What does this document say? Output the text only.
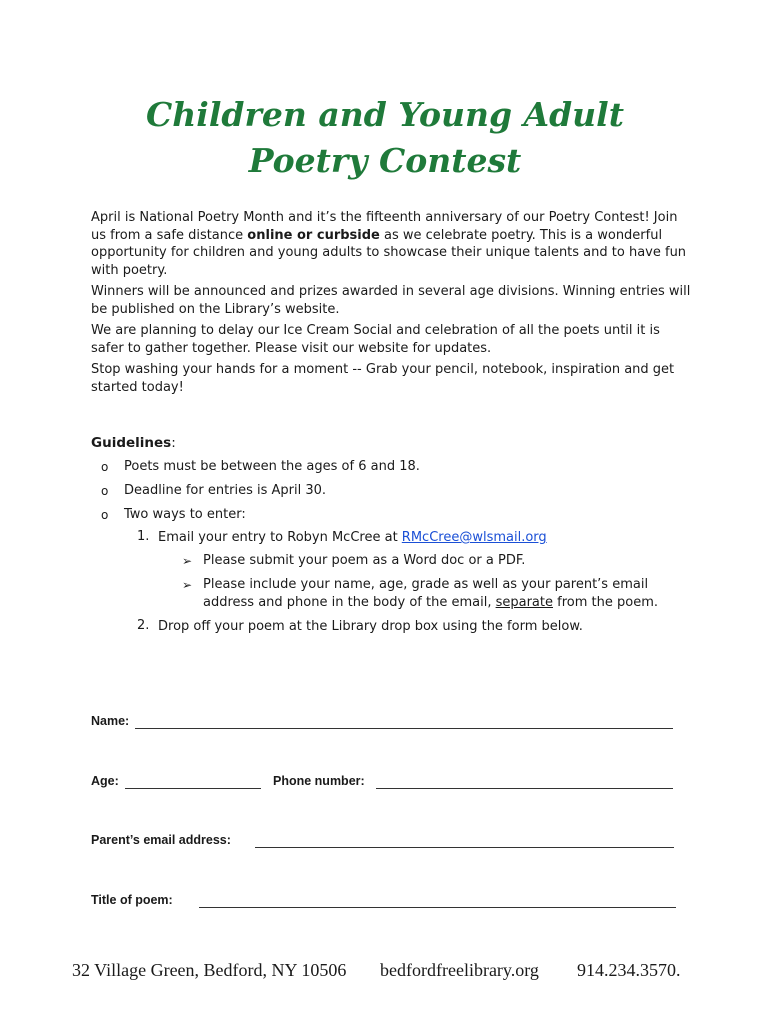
Children and Young Adult
Poetry Contest

April is National Poetry Month and it’s the fifteenth anniversary of our Poetry Contest! Join us from a safe distance online or curbside as we celebrate poetry. This is a wonderful opportunity for children and young adults to showcase their unique talents and to have fun with poetry.

Winners will be announced and prizes awarded in several age divisions. Winning entries will be published on the Library’s website.

We are planning to delay our Ice Cream Social and celebration of all the poets until it is safer to gather together. Please visit our website for updates.

Stop washing your hands for a moment -- Grab your pencil, notebook, inspiration and get started today!

Guidelines:
o Poets must be between the ages of 6 and 18.
o Deadline for entries is April 30.
o Two ways to enter:
1. Email your entry to Robyn McCree at RMcCree@wlsmail.org
➢ Please submit your poem as a Word doc or a PDF.
➢ Please include your name, age, grade as well as your parent’s email address and phone in the body of the email, separate from the poem.
2. Drop off your poem at the Library drop box using the form below.
Name:
Age:	Phone number:
Parent’s email address:
Title of poem:
32 Village Green, Bedford, NY 10506 bedfordfreelibrary.org 914.234.3570.
